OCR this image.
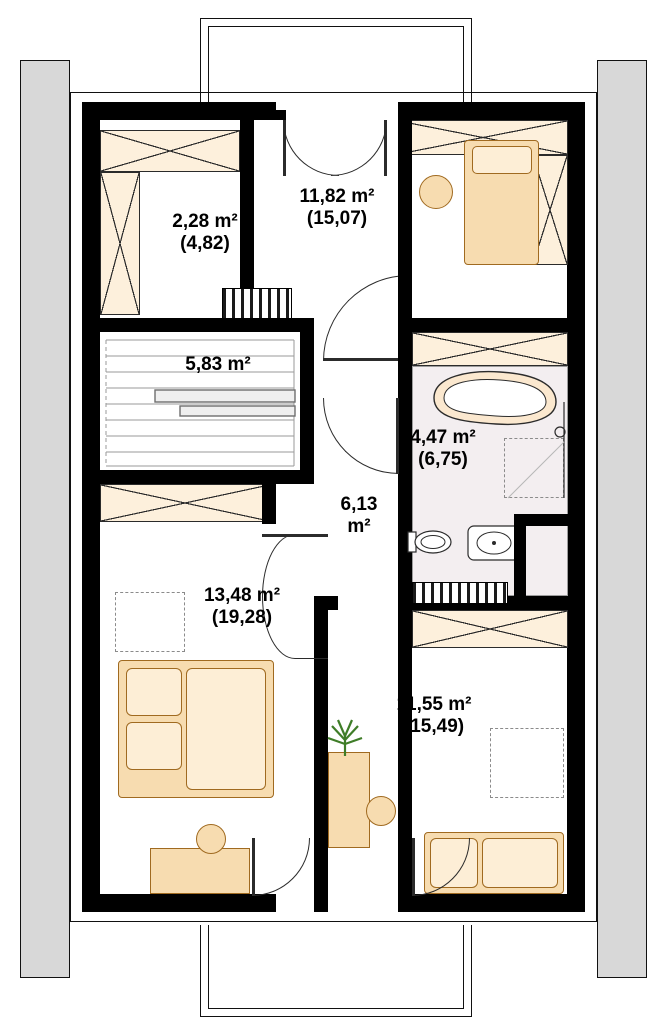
2,28 m²
(4,82)
11,82 m²
(15,07)
5,83 m²
4,47 m²
(6,75)
6,13
m²
13,48 m²
(19,28)
11,55 m²
(15,49)
